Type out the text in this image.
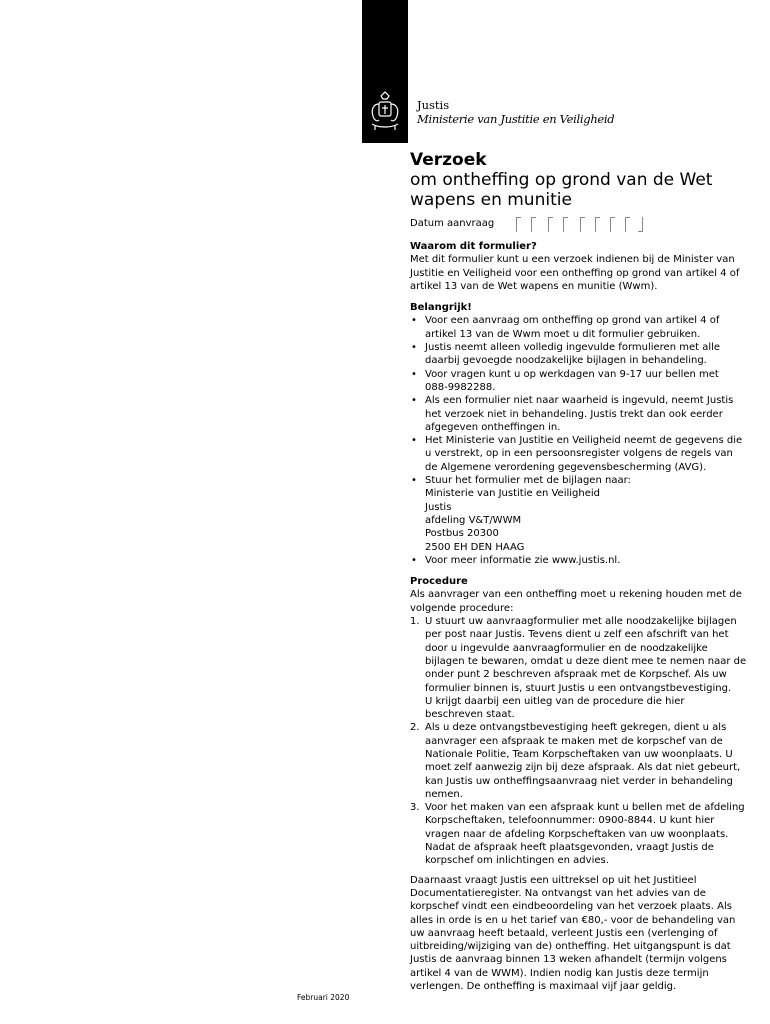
Justis
Ministerie van Justitie en Veiligheid

Verzoek

om ontheffing op grond van de Wet

wapens en munitie

Datum aanvraag
Waarom dit formulier?

Met dit formulier kunt u een verzoek indienen bij de Minister van
Justitie en Veiligheid voor een ontheffing op grond van artikel 4 of
artikel 13 van de Wet wapens en munitie (Wwm).

Belangrijk!
• Voor een aanvraag om ontheffing op grond van artikel 4 of
artikel 13 van de Wwm moet u dit formulier gebruiken.
• Justis neemt alleen volledig ingevulde formulieren met alle
daarbij gevoegde noodzakelijke bijlagen in behandeling.
• Voor vragen kunt u op werkdagen van 9-17 uur bellen met
088-9982288.
• Als een formulier niet naar waarheid is ingevuld, neemt Justis
het verzoek niet in behandeling. Justis trekt dan ook eerder
afgegeven ontheffingen in.
• Het Ministerie van Justitie en Veiligheid neemt de gegevens die
u verstrekt, op in een persoonsregister volgens de regels van
de Algemene verordening gegevensbescherming (AVG).
• Stuur het formulier met de bijlagen naar:
Ministerie van Justitie en Veiligheid
Justis
afdeling V&T/WWM
Postbus 20300
2500 EH DEN HAAG
• Voor meer informatie zie www.justis.nl.
Procedure

Als aanvrager van een ontheffing moet u rekening houden met de
volgende procedure:

1. U stuurt uw aanvraagformulier met alle noodzakelijke bijlagen
per post naar Justis. Tevens dient u zelf een afschrift van het
door u ingevulde aanvraagformulier en de noodzakelijke
bijlagen te bewaren, omdat u deze dient mee te nemen naar de
onder punt 2 beschreven afspraak met de Korpschef. Als uw
formulier binnen is, stuurt Justis u een ontvangstbevestiging.
U krijgt daarbij een uitleg van de procedure die hier
beschreven staat.
2. Als u deze ontvangstbevestiging heeft gekregen, dient u als
aanvrager een afspraak te maken met de korpschef van de
Nationale Politie, Team Korpscheftaken van uw woonplaats. U
moet zelf aanwezig zijn bij deze afspraak. Als dat niet gebeurt,
kan Justis uw ontheffingsaanvraag niet verder in behandeling
nemen.
3. Voor het maken van een afspraak kunt u bellen met de afdeling
Korpscheftaken, telefoonnummer: 0900-8844. U kunt hier
vragen naar de afdeling Korpscheftaken van uw woonplaats.
Nadat de afspraak heeft plaatsgevonden, vraagt Justis de
korpschef om inlichtingen en advies.

Daarnaast vraagt Justis een uittreksel op uit het Justitieel
Documentatieregister. Na ontvangst van het advies van de
korpschef vindt een eindbeoordeling van het verzoek plaats. Als
alles in orde is en u het tarief van €80,- voor de behandeling van
uw aanvraag heeft betaald, verleent Justis een (verlenging of
uitbreiding/wijziging van de) ontheffing. Het uitgangspunt is dat
Justis de aanvraag binnen 13 weken afhandelt (termijn volgens
artikel 4 van de WWM). Indien nodig kan Justis deze termijn
verlengen. De ontheffing is maximaal vijf jaar geldig.

Februari 2020
